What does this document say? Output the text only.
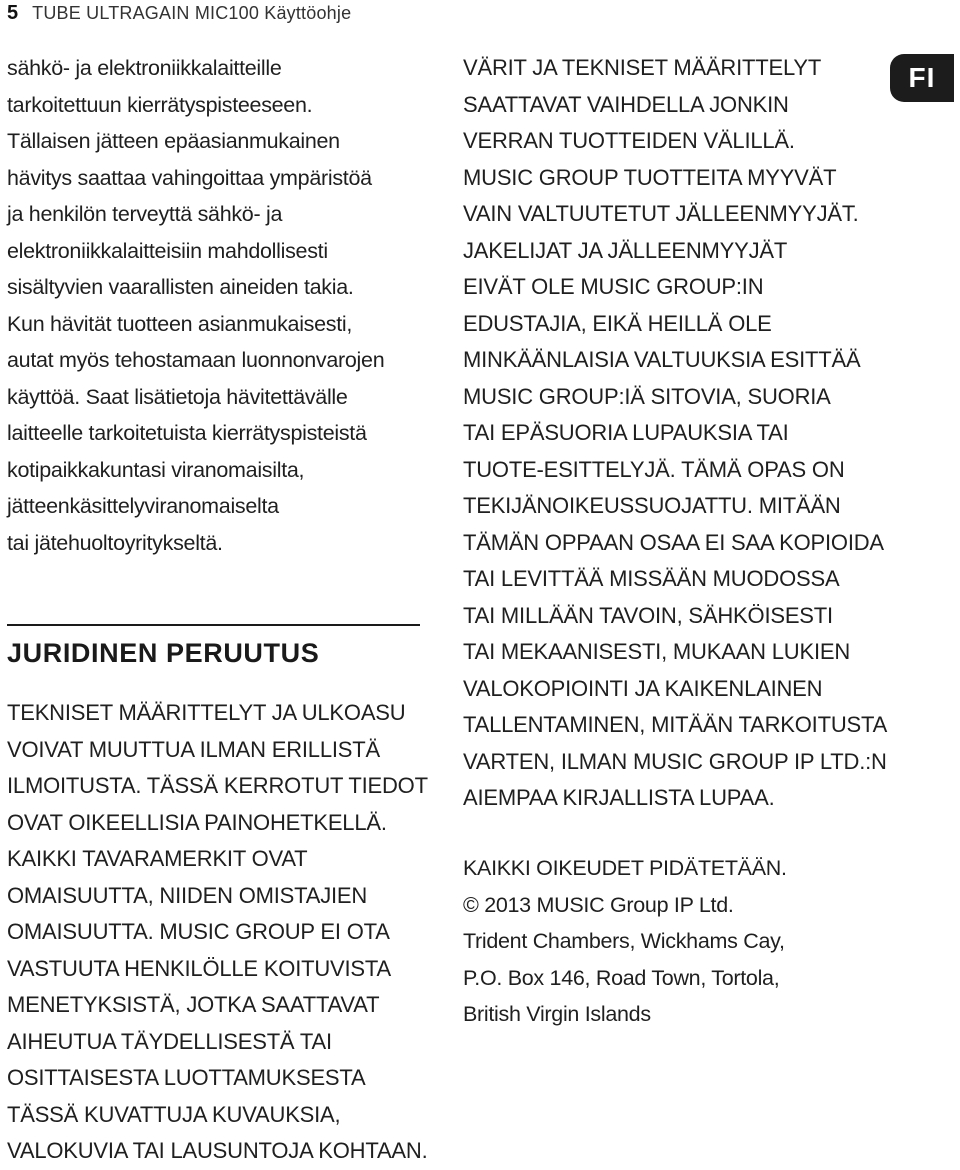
5 TUBE ULTRAGAIN MIC100 Käyttöohje
FI
sähkö- ja elektroniikkalaitteille
tarkoitettuun kierrätyspisteeseen.
Tällaisen jätteen epäasianmukainen
hävitys saattaa vahingoittaa ympäristöä
ja henkilön terveyttä sähkö- ja
elektroniikkalaitteisiin mahdollisesti
sisältyvien vaarallisten aineiden takia.
Kun hävität tuotteen asianmukaisesti,
autat myös tehostamaan luonnonvarojen
käyttöä. Saat lisätietoja hävitettävälle
laitteelle tarkoitetuista kierrätyspisteistä
kotipaikkakuntasi viranomaisilta,
jätteenkäsittelyviranomaiselta
tai jätehuoltoyritykseltä.
JURIDINEN PERUUTUS
TEKNISET MÄÄRITTELYT JA ULKOASU
VOIVAT MUUTTUA ILMAN ERILLISTÄ
ILMOITUSTA. TÄSSÄ KERROTUT TIEDOT
OVAT OIKEELLISIA PAINOHETKELLÄ.
KAIKKI TAVARAMERKIT OVAT
OMAISUUTTA, NIIDEN OMISTAJIEN
OMAISUUTTA. MUSIC GROUP EI OTA
VASTUUTA HENKILÖLLE KOITUVISTA
MENETYKSISTÄ, JOTKA SAATTAVAT
AIHEUTUA TÄYDELLISESTÄ TAI
OSITTAISESTA LUOTTAMUKSESTA
TÄSSÄ KUVATTUJA KUVAUKSIA,
VALOKUVIA TAI LAUSUNTOJA KOHTAAN.
VÄRIT JA TEKNISET MÄÄRITTELYT
SAATTAVAT VAIHDELLA JONKIN
VERRAN TUOTTEIDEN VÄLILLÄ.
MUSIC GROUP TUOTTEITA MYYVÄT
VAIN VALTUUTETUT JÄLLEENMYYJÄT.
JAKELIJAT JA JÄLLEENMYYJÄT
EIVÄT OLE MUSIC GROUP:IN
EDUSTAJIA, EIKÄ HEILLÄ OLE
MINKÄÄNLAISIA VALTUUKSIA ESITTÄÄ
MUSIC GROUP:IÄ SITOVIA, SUORIA
TAI EPÄSUORIA LUPAUKSIA TAI
TUOTE-ESITTELYJÄ. TÄMÄ OPAS ON
TEKIJÄNOIKEUSSUOJATTU. MITÄÄN
TÄMÄN OPPAAN OSAA EI SAA KOPIOIDA
TAI LEVITTÄÄ MISSÄÄN MUODOSSA
TAI MILLÄÄN TAVOIN, SÄHKÖISESTI
TAI MEKAANISESTI, MUKAAN LUKIEN
VALOKOPIOINTI JA KAIKENLAINEN
TALLENTAMINEN, MITÄÄN TARKOITUSTA
VARTEN, ILMAN MUSIC GROUP IP LTD.:N
AIEMPAA KIRJALLISTA LUPAA.
KAIKKI OIKEUDET PIDÄTETÄÄN.
© 2013 MUSIC Group IP Ltd.
Trident Chambers, Wickhams Cay,
P.O. Box 146, Road Town, Tortola,
British Virgin Islands
